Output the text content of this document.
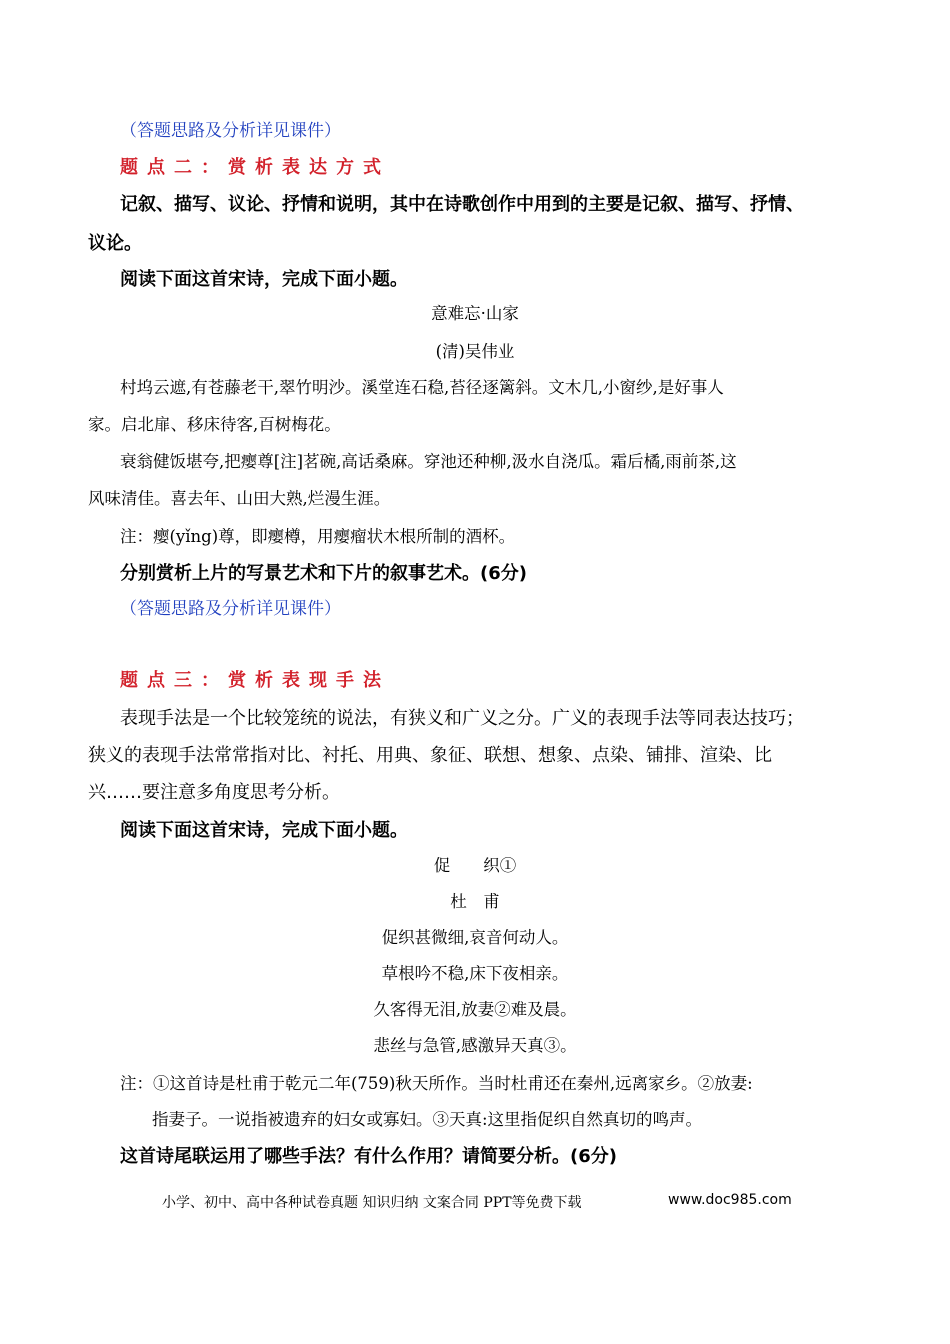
（答题思路及分析详见课件）
题点二：赏析表达方式
记叙、描写、议论、抒情和说明，其中在诗歌创作中用到的主要是记叙、描写、抒情、
议论。
阅读下面这首宋诗，完成下面小题。
意难忘·山家
(清)吴伟业
村坞云遮,有苍藤老干,翠竹明沙。溪堂连石稳,苔径逐篱斜。文木几,小窗纱,是好事人
家。启北扉、移床待客,百树梅花。
衰翁健饭堪夸,把瘿尊[注]茗碗,高话桑麻。穿池还种柳,汲水自浇瓜。霜后橘,雨前茶,这
风味清佳。喜去年、山田大熟,烂漫生涯。
注：瘿(yǐng)尊，即瘿樽，用瘿瘤状木根所制的酒杯。
分别赏析上片的写景艺术和下片的叙事艺术。(6分)
（答题思路及分析详见课件）
题点三：赏析表现手法
表现手法是一个比较笼统的说法，有狭义和广义之分。广义的表现手法等同表达技巧；
狭义的表现手法常常指对比、衬托、用典、象征、联想、想象、点染、铺排、渲染、比
兴……要注意多角度思考分析。
阅读下面这首宋诗，完成下面小题。
促　　织①
杜　甫
促织甚微细,哀音何动人。
草根吟不稳,床下夜相亲。
久客得无泪,放妻②难及晨。
悲丝与急管,感激异天真③。
注：①这首诗是杜甫于乾元二年(759)秋天所作。当时杜甫还在秦州,远离家乡。②放妻:
指妻子。一说指被遗弃的妇女或寡妇。③天真:这里指促织自然真切的鸣声。
这首诗尾联运用了哪些手法？有什么作用？请简要分析。(6分)
小学、初中、高中各种试卷真题 知识归纳 文案合同 PPT等免费下载	www.doc985.com
